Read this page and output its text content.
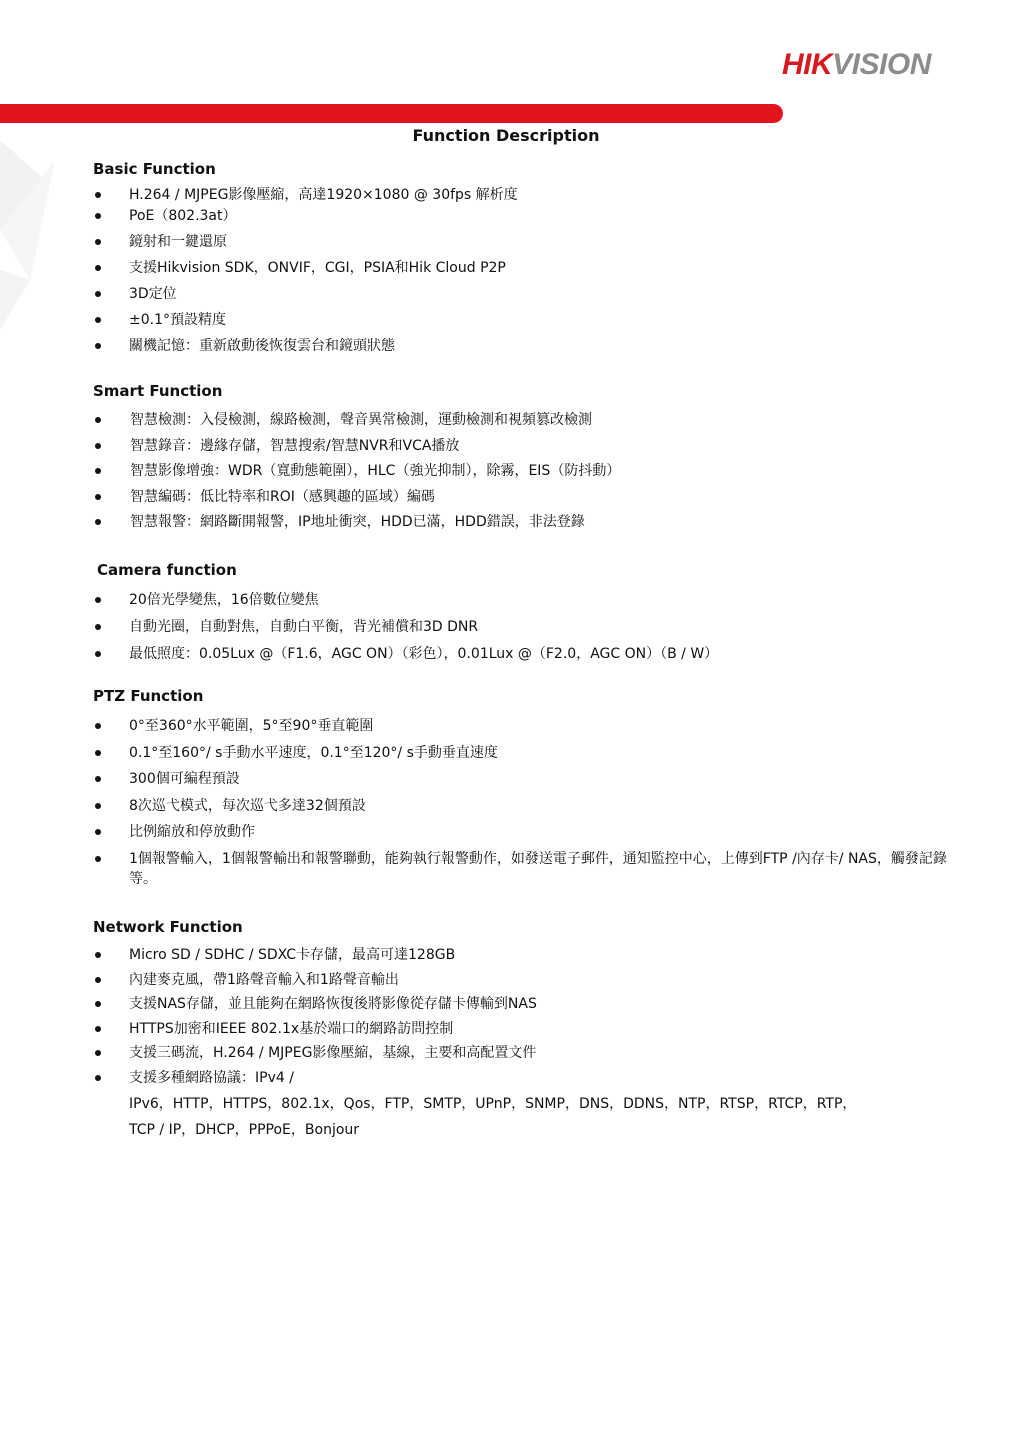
HIKVISION
Function Description
Basic Function
H.264 / MJPEG影像壓縮，高達1920×1080 @ 30fps 解析度
PoE（802.3at）
鏡射和一鍵還原
支援Hikvision SDK，ONVIF，CGI，PSIA和Hik Cloud P2P
3D定位
±0.1°預設精度
關機記憶：重新啟動後恢復雲台和鏡頭狀態
Smart Function
智慧檢測：入侵檢測，線路檢測，聲音異常檢測，運動檢測和視頻篡改檢測
智慧錄音：邊緣存儲，智慧搜索/智慧NVR和VCA播放
智慧影像增強：WDR（寬動態範圍），HLC（強光抑制），除霧，EIS（防抖動）
智慧編碼：低比特率和ROI（感興趣的區域）編碼
智慧報警：網路斷開報警，IP地址衝突，HDD已滿，HDD錯誤，非法登錄
Camera function
20倍光學變焦，16倍數位變焦
自動光圈，自動對焦，自動白平衡，背光補償和3D DNR
最低照度：0.05Lux @（F1.6，AGC ON）（彩色），0.01Lux @（F2.0，AGC ON）（B / W）
PTZ Function
0°至360°水平範圍，5°至90°垂直範圍
0.1°至160°/ s手動水平速度，0.1°至120°/ s手動垂直速度
300個可編程預設
8次巡弋模式，每次巡弋多達32個預設
比例縮放和停放動作
1個報警輸入，1個報警輸出和報警聯動，能夠執行報警動作，如發送電子郵件，通知監控中心，上傳到FTP /內存卡/ NAS，觸發記錄等。
Network Function
Micro SD / SDHC / SDXC卡存儲，最高可達128GB
內建麥克風，帶1路聲音輸入和1路聲音輸出
支援NAS存儲，並且能夠在網路恢復後將影像從存儲卡傳輸到NAS
HTTPS加密和IEEE 802.1x基於端口的網路訪問控制
支援三碼流，H.264 / MJPEG影像壓縮，基線，主要和高配置文件
支援多種網路協議：IPv4 /
IPv6，HTTP，HTTPS，802.1x，Qos，FTP，SMTP，UPnP，SNMP，DNS，DDNS，NTP，RTSP，RTCP，RTP，
TCP / IP，DHCP，PPPoE，Bonjour
